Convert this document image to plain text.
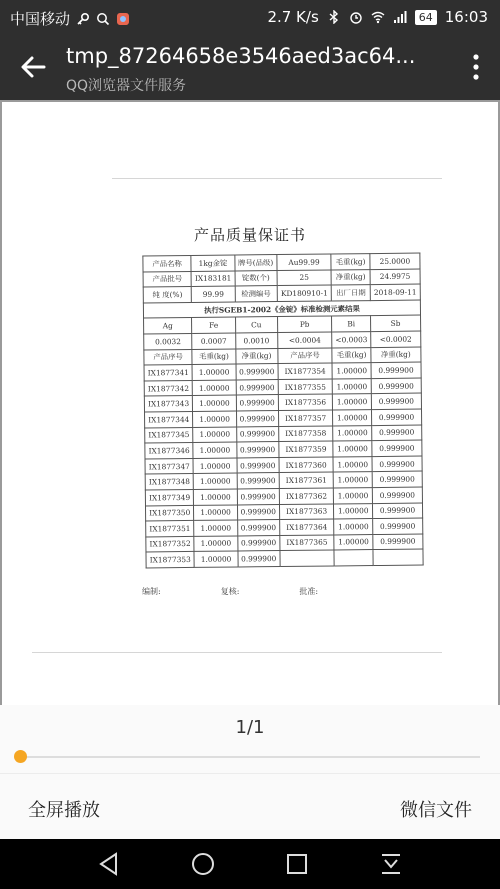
中国移动	2.7 K/s	64 16:03
tmp_87264658e3546aed3ac64...
QQ浏览器文件服务
产品质量保证书
产品名称	1kg金锭	牌号(品级)	Au99.99	毛重(kg)	25.0000
产品批号	IX183181	锭数(个)	25	净重(kg)	24.9975
纯 度(%)	99.99	检测编号	KD180910-1	出厂日期	2018-09-11
执行SGEB1-2002《金锭》标准检测元素结果					
Ag	Fe	Cu	Pb	Bi	Sb
0.0032	0.0007	0.0010	<0.0004	<0.0003	<0.0002
产品序号	毛重(kg)	净重(kg)	产品序号	毛重(kg)	净重(kg)
IX1877341	1.00000	0.999900	IX1877354	1.00000	0.999900
IX1877342	1.00000	0.999900	IX1877355	1.00000	0.999900
IX1877343	1.00000	0.999900	IX1877356	1.00000	0.999900
IX1877344	1.00000	0.999900	IX1877357	1.00000	0.999900
IX1877345	1.00000	0.999900	IX1877358	1.00000	0.999900
IX1877346	1.00000	0.999900	IX1877359	1.00000	0.999900
IX1877347	1.00000	0.999900	IX1877360	1.00000	0.999900
IX1877348	1.00000	0.999900	IX1877361	1.00000	0.999900
IX1877349	1.00000	0.999900	IX1877362	1.00000	0.999900
IX1877350	1.00000	0.999900	IX1877363	1.00000	0.999900
IX1877351	1.00000	0.999900	IX1877364	1.00000	0.999900
IX1877352	1.00000	0.999900	IX1877365	1.00000	0.999900
IX1877353	1.00000	0.999900			
编制:	复核:	批准:
1/1
全屏播放	微信文件
